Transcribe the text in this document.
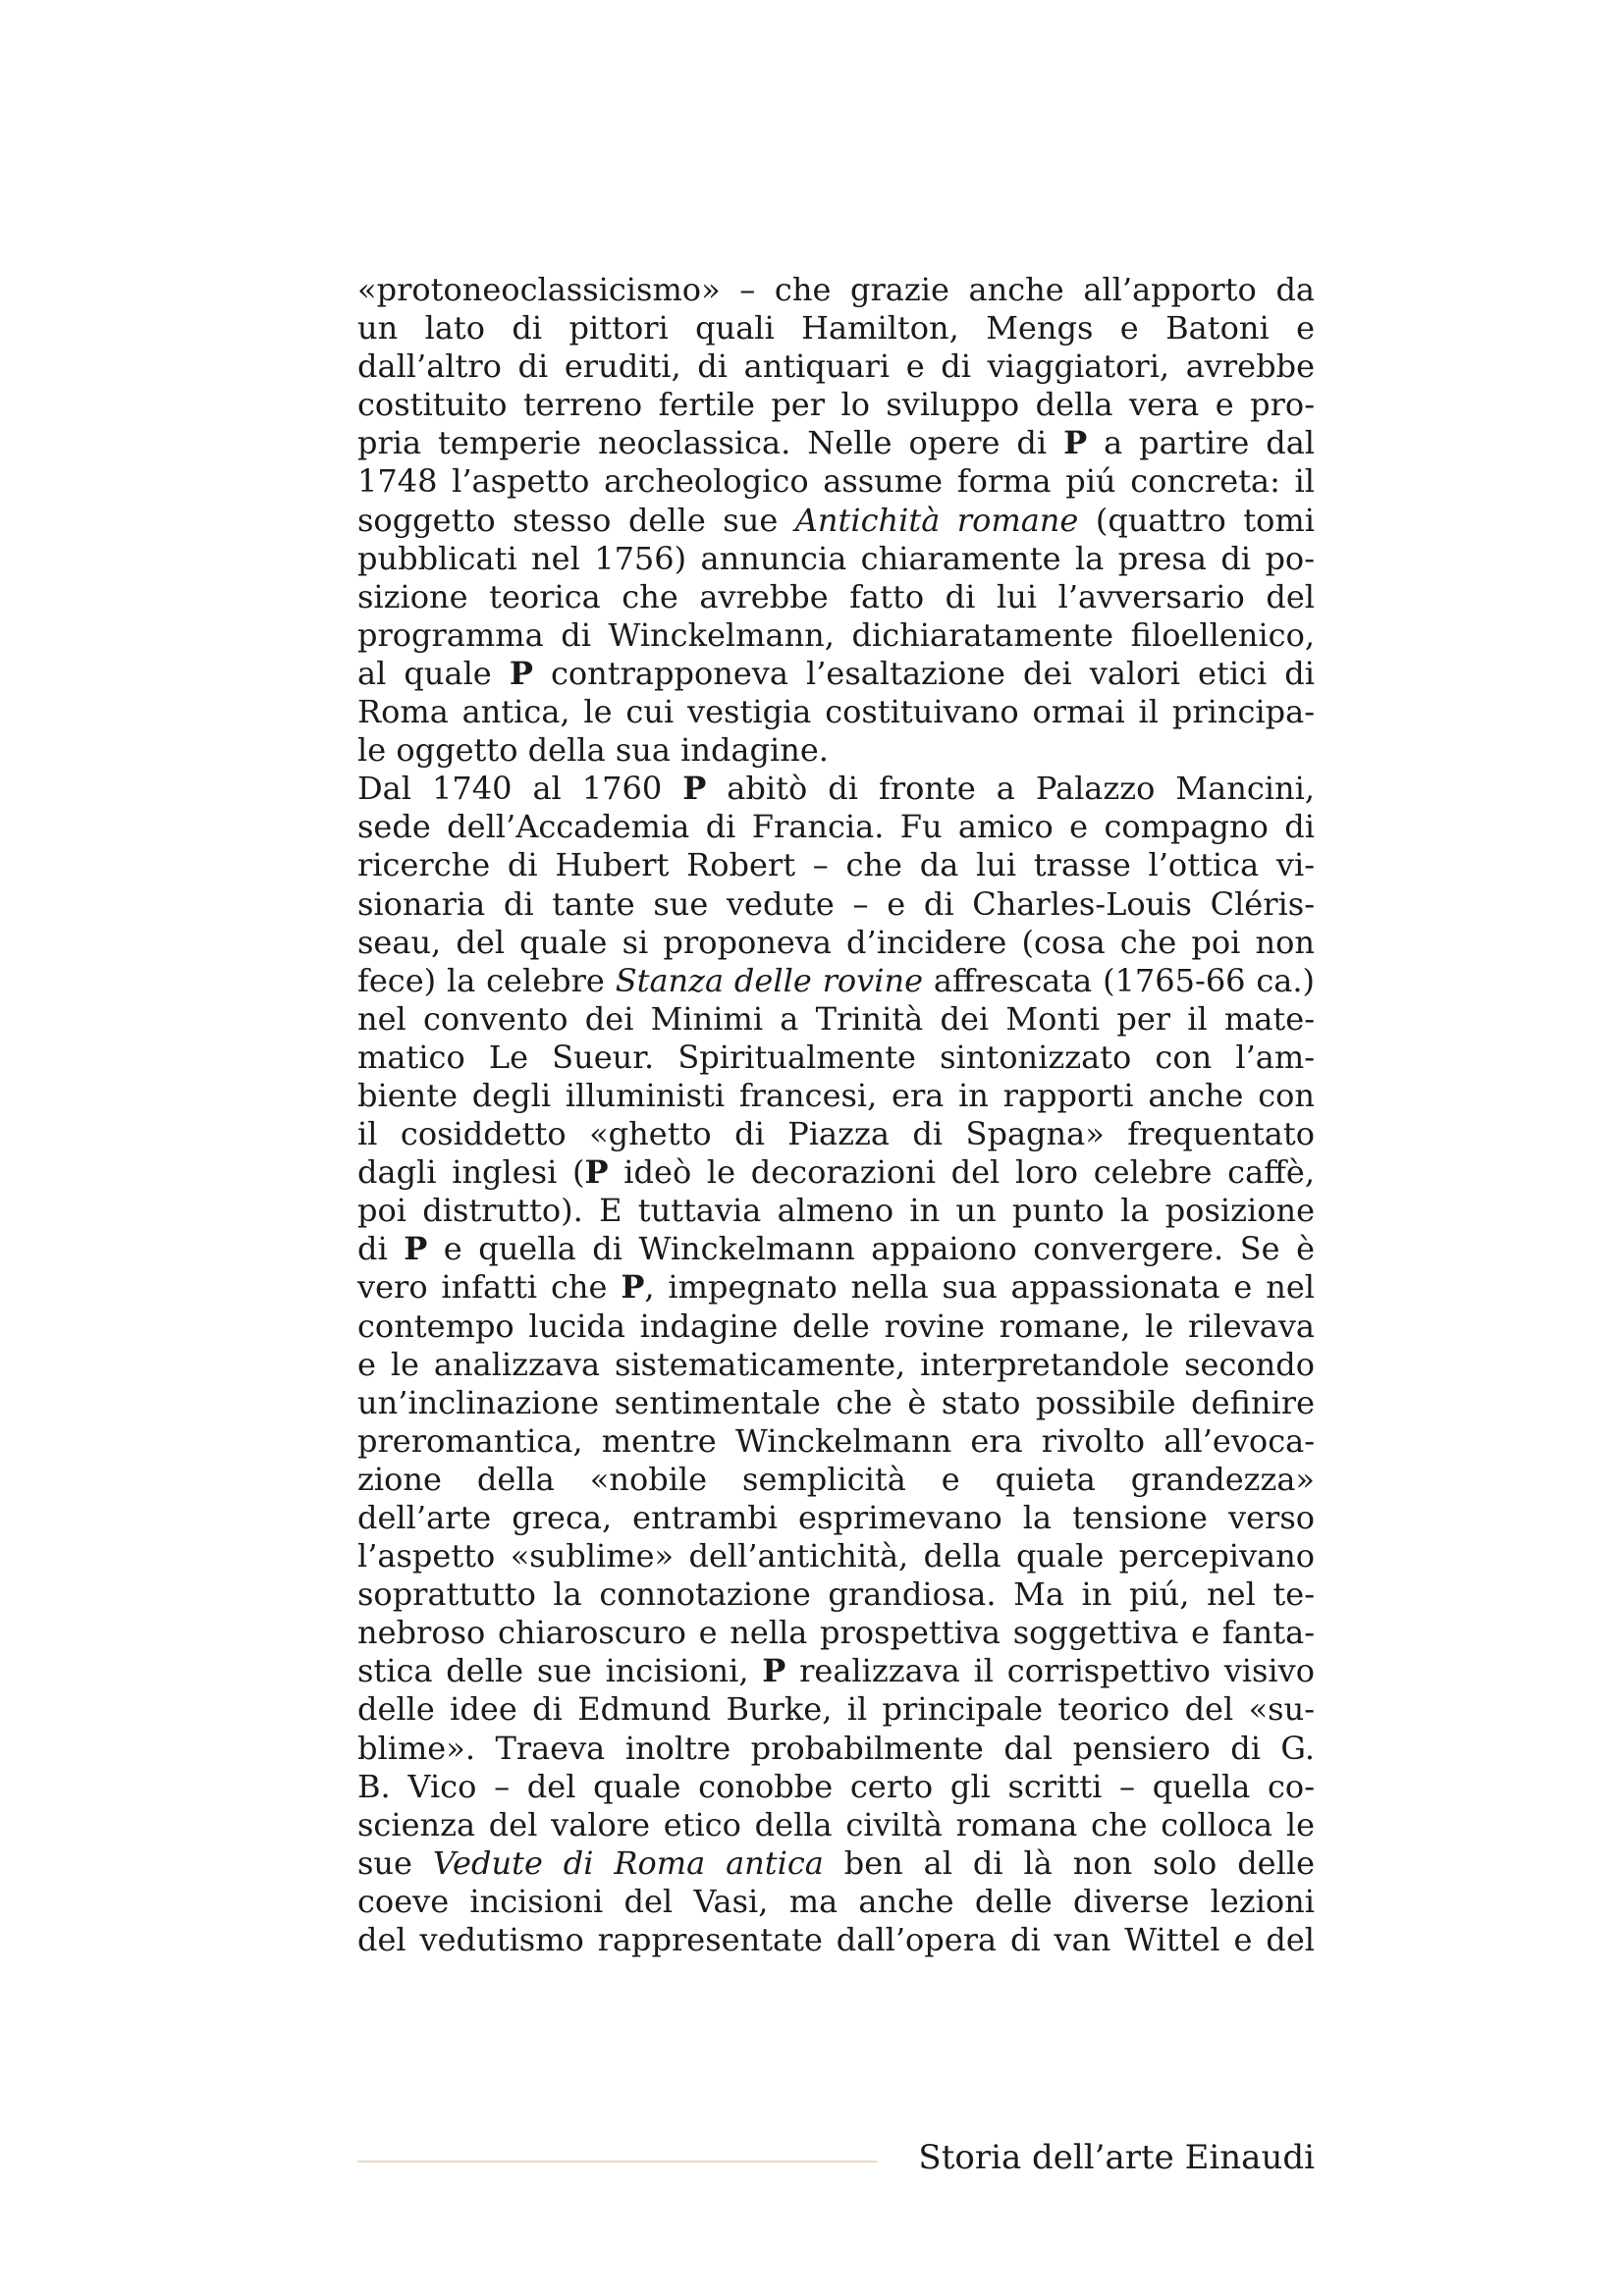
«protoneoclassicismo» – che grazie anche all’apporto da
un lato di pittori quali Hamilton, Mengs e Batoni e
dall’altro di eruditi, di antiquari e di viaggiatori, avrebbe
costituito terreno fertile per lo sviluppo della vera e pro-
pria temperie neoclassica. Nelle opere di P a partire dal
1748 l’aspetto archeologico assume forma piú concreta: il
soggetto stesso delle sue Antichità romane (quattro tomi
pubblicati nel 1756) annuncia chiaramente la presa di po-
sizione teorica che avrebbe fatto di lui l’avversario del
programma di Winckelmann, dichiaratamente filoellenico,
al quale P contrapponeva l’esaltazione dei valori etici di
Roma antica, le cui vestigia costituivano ormai il principa-
le oggetto della sua indagine.
Dal 1740 al 1760 P abitò di fronte a Palazzo Mancini,
sede dell’Accademia di Francia. Fu amico e compagno di
ricerche di Hubert Robert – che da lui trasse l’ottica vi-
sionaria di tante sue vedute – e di Charles-Louis Cléris-
seau, del quale si proponeva d’incidere (cosa che poi non
fece) la celebre Stanza delle rovine affrescata (1765-66 ca.)
nel convento dei Minimi a Trinità dei Monti per il mate-
matico Le Sueur. Spiritualmente sintonizzato con l’am-
biente degli illuministi francesi, era in rapporti anche con
il cosiddetto «ghetto di Piazza di Spagna» frequentato
dagli inglesi (P ideò le decorazioni del loro celebre caffè,
poi distrutto). E tuttavia almeno in un punto la posizione
di P e quella di Winckelmann appaiono convergere. Se è
vero infatti che P, impegnato nella sua appassionata e nel
contempo lucida indagine delle rovine romane, le rilevava
e le analizzava sistematicamente, interpretandole secondo
un’inclinazione sentimentale che è stato possibile definire
preromantica, mentre Winckelmann era rivolto all’evoca-
zione della «nobile semplicità e quieta grandezza»
dell’arte greca, entrambi esprimevano la tensione verso
l’aspetto «sublime» dell’antichità, della quale percepivano
soprattutto la connotazione grandiosa. Ma in piú, nel te-
nebroso chiaroscuro e nella prospettiva soggettiva e fanta-
stica delle sue incisioni, P realizzava il corrispettivo visivo
delle idee di Edmund Burke, il principale teorico del «su-
blime». Traeva inoltre probabilmente dal pensiero di G.
B. Vico – del quale conobbe certo gli scritti – quella co-
scienza del valore etico della civiltà romana che colloca le
sue Vedute di Roma antica ben al di là non solo delle
coeve incisioni del Vasi, ma anche delle diverse lezioni
del vedutismo rappresentate dall’opera di van Wittel e del
Storia dell’arte Einaudi
